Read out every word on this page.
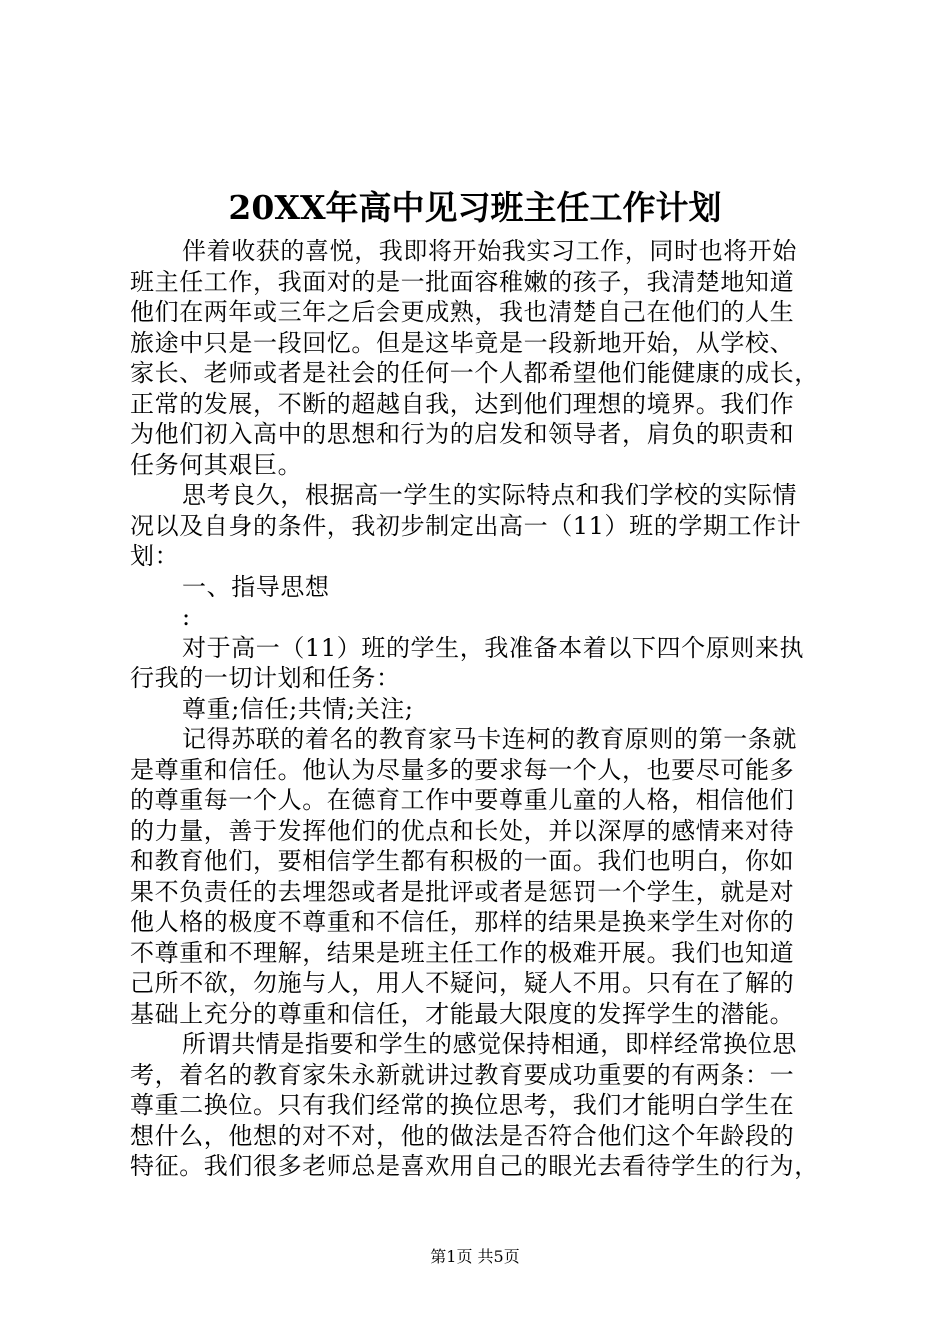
20XX年高中见习班主任工作计划
伴着收获的喜悦，我即将开始我实习工作，同时也将开始
班主任工作，我面对的是一批面容稚嫩的孩子，我清楚地知道
他们在两年或三年之后会更成熟，我也清楚自己在他们的人生
旅途中只是一段回忆。但是这毕竟是一段新地开始，从学校、
家长、老师或者是社会的任何一个人都希望他们能健康的成长，
正常的发展，不断的超越自我，达到他们理想的境界。我们作
为他们初入高中的思想和行为的启发和领导者，肩负的职责和
任务何其艰巨。
思考良久，根据高一学生的实际特点和我们学校的实际情
况以及自身的条件，我初步制定出高一（11）班的学期工作计
划：
一、指导思想
:
对于高一（11）班的学生，我准备本着以下四个原则来执
行我的一切计划和任务：
尊重;信任;共情;关注;
记得苏联的着名的教育家马卡连柯的教育原则的第一条就
是尊重和信任。他认为尽量多的要求每一个人，也要尽可能多
的尊重每一个人。在德育工作中要尊重儿童的人格，相信他们
的力量，善于发挥他们的优点和长处，并以深厚的感情来对待
和教育他们，要相信学生都有积极的一面。我们也明白，你如
果不负责任的去埋怨或者是批评或者是惩罚一个学生，就是对
他人格的极度不尊重和不信任，那样的结果是换来学生对你的
不尊重和不理解，结果是班主任工作的极难开展。我们也知道
己所不欲，勿施与人，用人不疑问，疑人不用。只有在了解的
基础上充分的尊重和信任，才能最大限度的发挥学生的潜能。
所谓共情是指要和学生的感觉保持相通，即样经常换位思
考，着名的教育家朱永新就讲过教育要成功重要的有两条：一
尊重二换位。只有我们经常的换位思考，我们才能明白学生在
想什么，他想的对不对，他的做法是否符合他们这个年龄段的
特征。我们很多老师总是喜欢用自己的眼光去看待学生的行为，
第1页 共5页
